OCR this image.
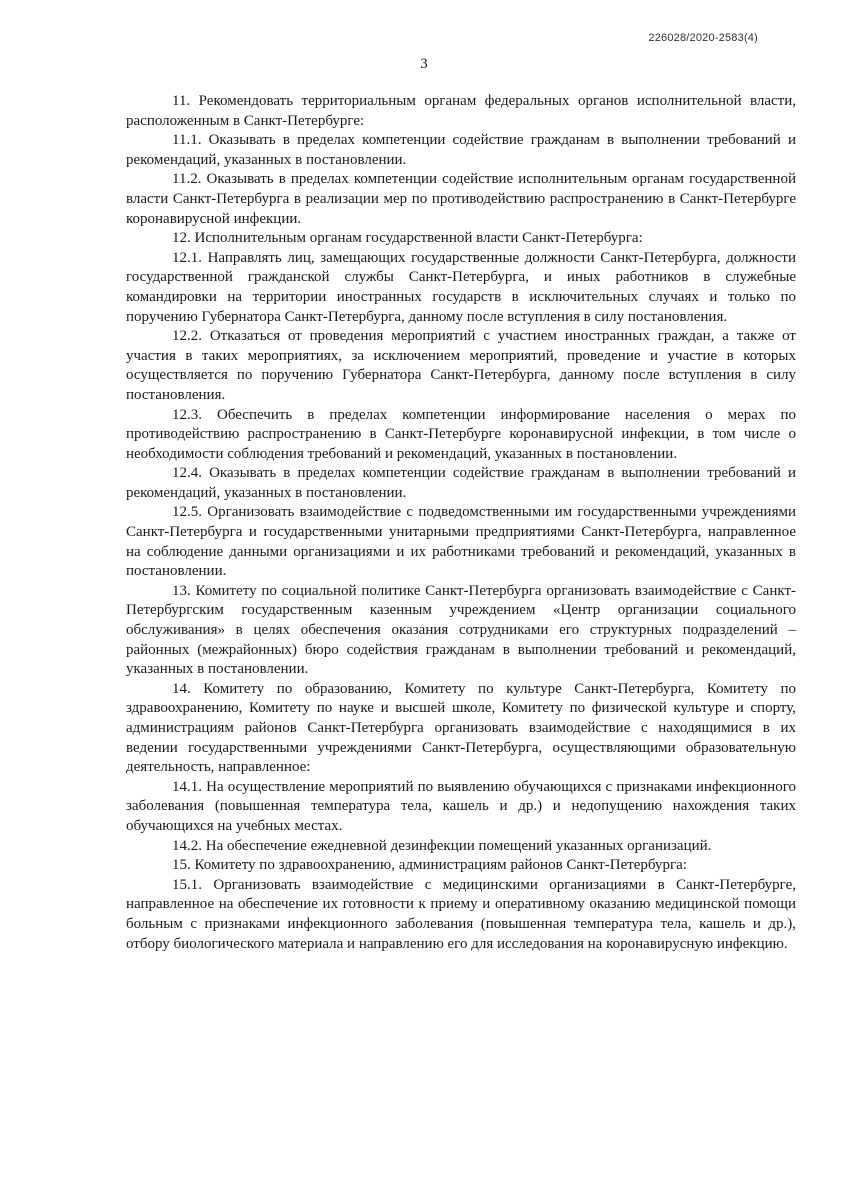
226028/2020-2583(4)
3

11. Рекомендовать территориальным органам федеральных органов исполнительной власти, расположенным в Санкт-Петербурге:

11.1. Оказывать в пределах компетенции содействие гражданам в выполнении требований и рекомендаций, указанных в постановлении.

11.2. Оказывать в пределах компетенции содействие исполнительным органам государственной власти Санкт-Петербурга в реализации мер по противодействию распространению в Санкт-Петербурге коронавирусной инфекции.

12. Исполнительным органам государственной власти Санкт-Петербурга:

12.1. Направлять лиц, замещающих государственные должности Санкт-Петербурга, должности государственной гражданской службы Санкт-Петербурга, и иных работников в служебные командировки на территории иностранных государств в исключительных случаях и только по поручению Губернатора Санкт-Петербурга, данному после вступления в силу постановления.

12.2. Отказаться от проведения мероприятий с участием иностранных граждан, а также от участия в таких мероприятиях, за исключением мероприятий, проведение и участие в которых осуществляется по поручению Губернатора Санкт-Петербурга, данному после вступления в силу постановления.

12.3. Обеспечить в пределах компетенции информирование населения о мерах по противодействию распространению в Санкт-Петербурге коронавирусной инфекции, в том числе о необходимости соблюдения требований и рекомендаций, указанных в постановлении.

12.4. Оказывать в пределах компетенции содействие гражданам в выполнении требований и рекомендаций, указанных в постановлении.

12.5. Организовать взаимодействие с подведомственными им государственными учреждениями Санкт-Петербурга и государственными унитарными предприятиями Санкт-Петербурга, направленное на соблюдение данными организациями и их работниками требований и рекомендаций, указанных в постановлении.

13. Комитету по социальной политике Санкт-Петербурга организовать взаимодействие с Санкт-Петербургским государственным казенным учреждением «Центр организации социального обслуживания» в целях обеспечения оказания сотрудниками его структурных подразделений – районных (межрайонных) бюро содействия гражданам в выполнении требований и рекомендаций, указанных в постановлении.

14. Комитету по образованию, Комитету по культуре Санкт-Петербурга, Комитету по здравоохранению, Комитету по науке и высшей школе, Комитету по физической культуре и спорту, администрациям районов Санкт-Петербурга организовать взаимодействие с находящимися в их ведении государственными учреждениями Санкт-Петербурга, осуществляющими образовательную деятельность, направленное:

14.1. На осуществление мероприятий по выявлению обучающихся с признаками инфекционного заболевания (повышенная температура тела, кашель и др.) и недопущению нахождения таких обучающихся на учебных местах.

14.2. На обеспечение ежедневной дезинфекции помещений указанных организаций.

15. Комитету по здравоохранению, администрациям районов Санкт-Петербурга:

15.1. Организовать взаимодействие с медицинскими организациями в Санкт-Петербурге, направленное на обеспечение их готовности к приему и оперативному оказанию медицинской помощи больным с признаками инфекционного заболевания (повышенная температура тела, кашель и др.), отбору биологического материала и направлению его для исследования на коронавирусную инфекцию.
